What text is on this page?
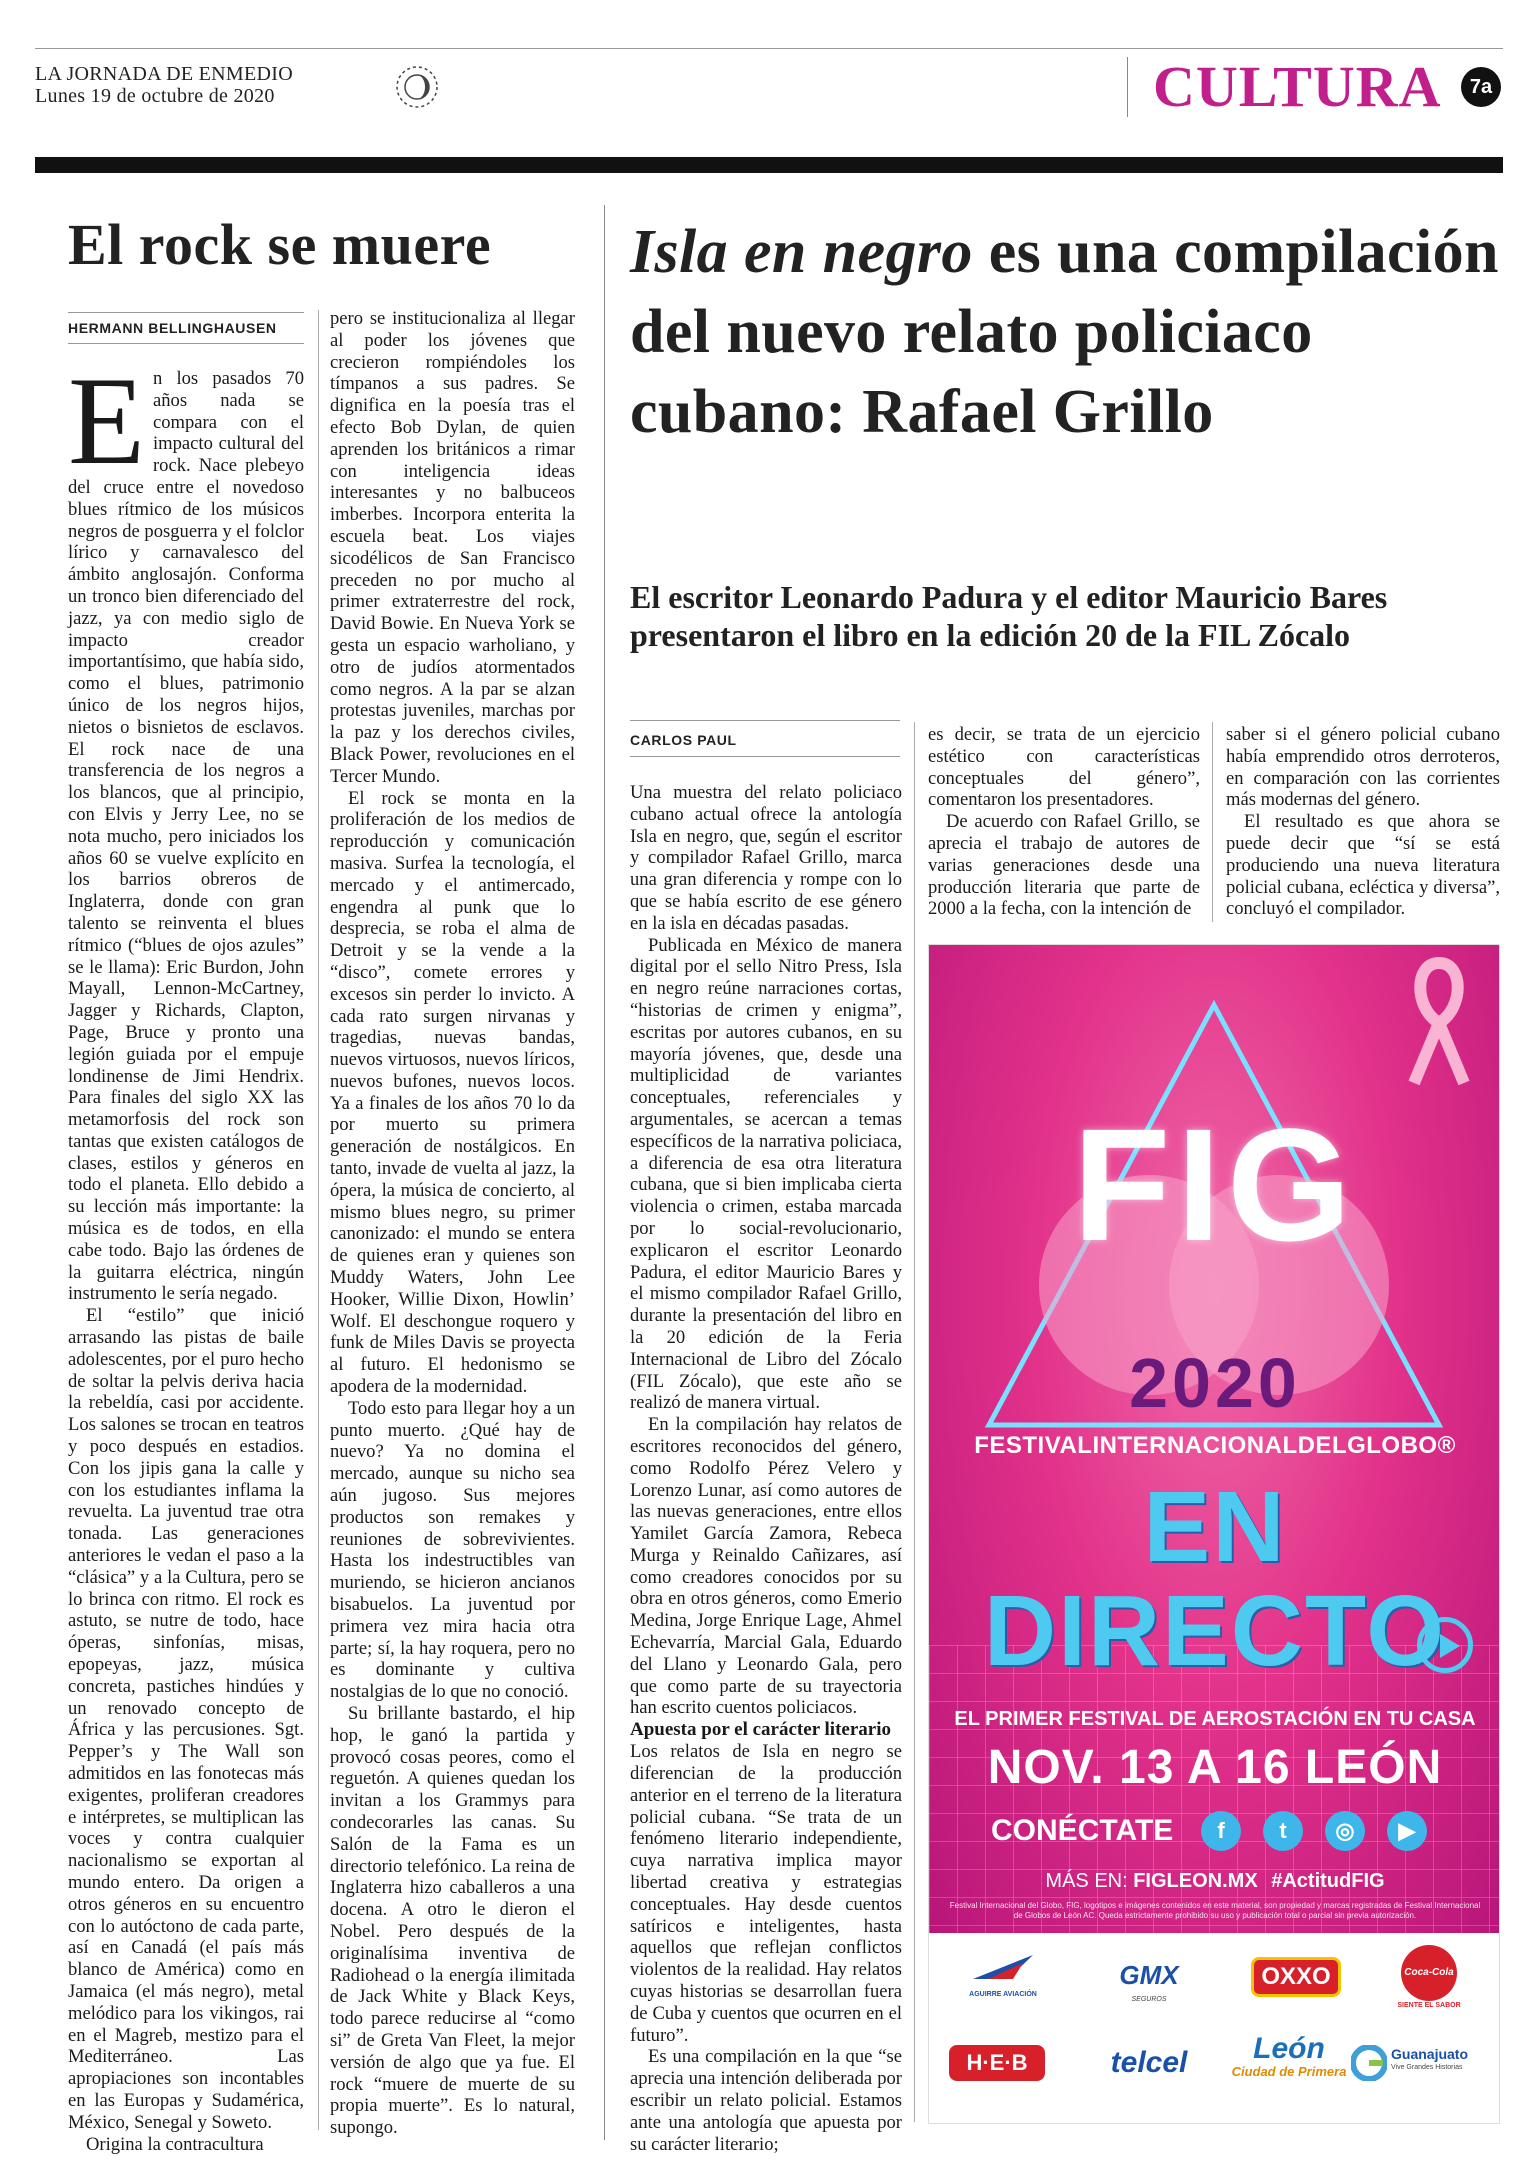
LA JORNADA DE ENMEDIO
Lunes 19 de octubre de 2020	CULTURA	7a
El rock se muere
HERMANN BELLINGHAUSEN
E n los pasados 70 años nada se compara con el impacto cultural del rock. Nace plebeyo del cruce entre el novedoso blues rítmico de los músicos negros de posguerra y el folclor lírico y carnavalesco del ámbito anglosajón. Conforma un tronco bien diferenciado del jazz, ya con medio siglo de impacto creador importantísimo, que había sido, como el blues, patrimonio único de los negros hijos, nietos o bisnietos de esclavos. El rock nace de una transferencia de los negros a los blancos, que al principio, con Elvis y Jerry Lee, no se nota mucho, pero iniciados los años 60 se vuelve explícito en los barrios obreros de Inglaterra, donde con gran talento se reinventa el blues rítmico (“blues de ojos azules” se le llama): Eric Burdon, John Mayall, Lennon-McCartney, Jagger y Richards, Clapton, Page, Bruce y pronto una legión guiada por el empuje londinense de Jimi Hendrix. Para finales del siglo XX las metamorfosis del rock son tantas que existen catálogos de clases, estilos y géneros en todo el planeta. Ello debido a su lección más importante: la música es de todos, en ella cabe todo. Bajo las órdenes de la guitarra eléctrica, ningún instrumento le sería negado.

El “estilo” que inició arrasando las pistas de baile adolescentes, por el puro hecho de soltar la pelvis deriva hacia la rebeldía, casi por accidente. Los salones se trocan en teatros y poco después en estadios. Con los jipis gana la calle y con los estudiantes inflama la revuelta. La juventud trae otra tonada. Las generaciones anteriores le vedan el paso a la “clásica” y a la Cultura, pero se lo brinca con ritmo. El rock es astuto, se nutre de todo, hace óperas, sinfonías, misas, epopeyas, jazz, música concreta, pastiches hindúes y un renovado concepto de África y las percusiones. Sgt. Pepper’s y The Wall son admitidos en las fonotecas más exigentes, proliferan creadores e intérpretes, se multiplican las voces y contra cualquier nacionalismo se exportan al mundo entero. Da origen a otros géneros en su encuentro con lo autóctono de cada parte, así en Canadá (el país más blanco de América) como en Jamaica (el más negro), metal melódico para los vikingos, rai en el Magreb, mestizo para el Mediterráneo. Las apropiaciones son incontables en las Europas y Sudamérica, México, Senegal y Soweto.

Origina la contracultura

pero se institucionaliza al llegar al poder los jóvenes que crecieron rompiéndoles los tímpanos a sus padres. Se dignifica en la poesía tras el efecto Bob Dylan, de quien aprenden los británicos a rimar con inteligencia ideas interesantes y no balbuceos imberbes. Incorpora enterita la escuela beat. Los viajes sicodélicos de San Francisco preceden no por mucho al primer extraterrestre del rock, David Bowie. En Nueva York se gesta un espacio warholiano, y otro de judíos atormentados como negros. A la par se alzan protestas juveniles, marchas por la paz y los derechos civiles, Black Power, revoluciones en el Tercer Mundo.

El rock se monta en la proliferación de los medios de reproducción y comunicación masiva. Surfea la tecnología, el mercado y el antimercado, engendra al punk que lo desprecia, se roba el alma de Detroit y se la vende a la “disco”, comete errores y excesos sin perder lo invicto. A cada rato surgen nirvanas y tragedias, nuevas bandas, nuevos virtuosos, nuevos líricos, nuevos bufones, nuevos locos. Ya a finales de los años 70 lo da por muerto su primera generación de nostálgicos. En tanto, invade de vuelta al jazz, la ópera, la música de concierto, al mismo blues negro, su primer canonizado: el mundo se entera de quienes eran y quienes son Muddy Waters, John Lee Hooker, Willie Dixon, Howlin’ Wolf. El deschongue roquero y funk de Miles Davis se proyecta al futuro. El hedonismo se apodera de la modernidad.

Todo esto para llegar hoy a un punto muerto. ¿Qué hay de nuevo? Ya no domina el mercado, aunque su nicho sea aún jugoso. Sus mejores productos son remakes y reuniones de sobrevivientes. Hasta los indestructibles van muriendo, se hicieron ancianos bisabuelos. La juventud por primera vez mira hacia otra parte; sí, la hay roquera, pero no es dominante y cultiva nostalgias de lo que no conoció.

Su brillante bastardo, el hip hop, le ganó la partida y provocó cosas peores, como el reguetón. A quienes quedan los invitan a los Grammys para condecorarles las canas. Su Salón de la Fama es un directorio telefónico. La reina de Inglaterra hizo caballeros a una docena. A otro le dieron el Nobel. Pero después de la originalísima inventiva de Radiohead o la energía ilimitada de Jack White y Black Keys, todo parece reducirse al “como si” de Greta Van Fleet, la mejor versión de algo que ya fue. El rock “muere de muerte de su propia muerte”. Es lo natural, supongo.

Isla en negro es una compilación del nuevo relato policiaco cubano: Rafael Grillo
El escritor Leonardo Padura y el editor Mauricio Bares presentaron el libro en la edición 20 de la FIL Zócalo
CARLOS PAUL

Una muestra del relato policiaco cubano actual ofrece la antología Isla en negro, que, según el escritor y compilador Rafael Grillo, marca una gran diferencia y rompe con lo que se había escrito de ese género en la isla en décadas pasadas.

Publicada en México de manera digital por el sello Nitro Press, Isla en negro reúne narraciones cortas, “historias de crimen y enigma”, escritas por autores cubanos, en su mayoría jóvenes, que, desde una multiplicidad de variantes conceptuales, referenciales y argumentales, se acercan a temas específicos de la narrativa policiaca, a diferencia de esa otra literatura cubana, que si bien implicaba cierta violencia o crimen, estaba marcada por lo social-revolucionario, explicaron el escritor Leonardo Padura, el editor Mauricio Bares y el mismo compilador Rafael Grillo, durante la presentación del libro en la 20 edición de la Feria Internacional de Libro del Zócalo (FIL Zócalo), que este año se realizó de manera virtual.

En la compilación hay relatos de escritores reconocidos del género, como Rodolfo Pérez Velero y Lorenzo Lunar, así como autores de las nuevas generaciones, entre ellos Yamilet García Zamora, Rebeca Murga y Reinaldo Cañizares, así como creadores conocidos por su obra en otros géneros, como Emerio Medina, Jorge Enrique Lage, Ahmel Echevarría, Marcial Gala, Eduardo del Llano y Leonardo Gala, pero que como parte de su trayectoria han escrito cuentos policiacos.

Apuesta por el carácter literario

Los relatos de Isla en negro se diferencian de la producción anterior en el terreno de la literatura policial cubana. “Se trata de un fenómeno literario independiente, cuya narrativa implica mayor libertad creativa y estrategias conceptuales. Hay desde cuentos satíricos e inteligentes, hasta aquellos que reflejan conflictos violentos de la realidad. Hay relatos cuyas historias se desarrollan fuera de Cuba y cuentos que ocurren en el futuro”.

Es una compilación en la que “se aprecia una intención deliberada por escribir un relato policial. Estamos ante una antología que apuesta por su carácter literario;

es decir, se trata de un ejercicio estético con características conceptuales del género”, comentaron los presentadores.

De acuerdo con Rafael Grillo, se aprecia el trabajo de autores de varias generaciones desde una producción literaria que parte de 2000 a la fecha, con la intención de

saber si el género policial cubano había emprendido otros derroteros, en comparación con las corrientes más modernas del género.

El resultado es que ahora se puede decir que “sí se está produciendo una nueva literatura policial cubana, ecléctica y diversa”, concluyó el compilador.

FIG
2020
FESTIVALINTERNACIONALDELGLOBO®
EN DIRECTO
EL PRIMER FESTIVAL DE AEROSTACIÓN EN TU CASA
NOV. 13 A 16 LEÓN
CONÉCTATE	f	t	◎	▶
MÁS EN: FIGLEON.MX #ActitudFIG
Festival Internacional del Globo, FIG, logotipos e imágenes contenidos en este material, son propiedad y marcas registradas de Festival Internacional de Globos de León AC. Queda estrictamente prohibido su uso y publicación total o parcial sin previa autorización.
AGUIRRE AVIACIÓN
GMX
SEGUROS
OXXO	Coca-Cola
SIENTE EL SABOR
H·E·B	telcel	León
Ciudad de Primera
Guanajuato
Vive Grandes Historias
